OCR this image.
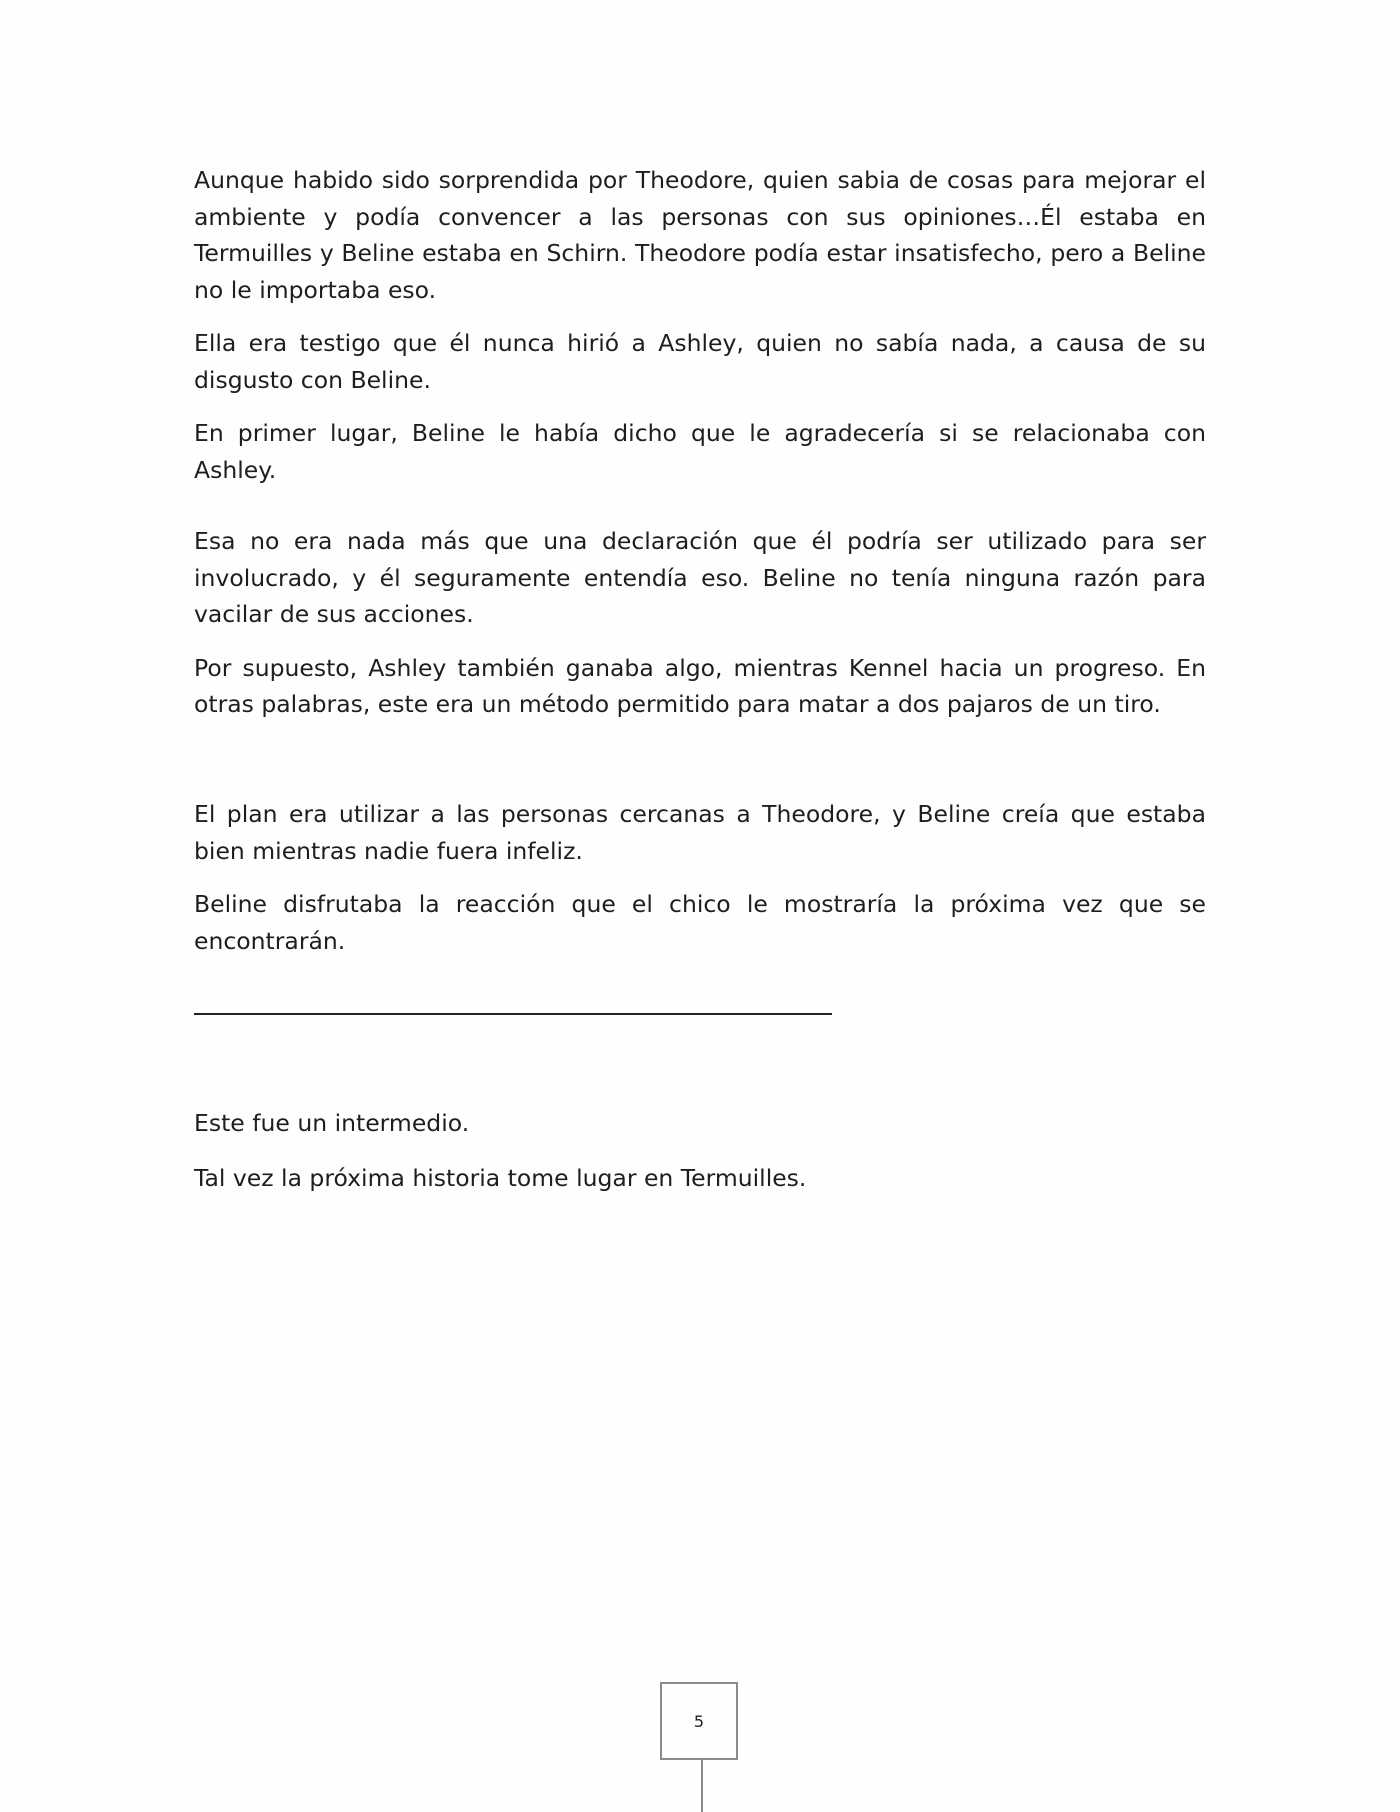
Aunque habido sido sorprendida por Theodore, quien sabia de cosas para mejorar el ambiente y podía convencer a las personas con sus opiniones…Él estaba en Termuilles y Beline estaba en Schirn. Theodore podía estar insatisfecho, pero a Beline no le importaba eso.

Ella era testigo que él nunca hirió a Ashley, quien no sabía nada, a causa de su disgusto con Beline.

En primer lugar, Beline le había dicho que le agradecería si se relacionaba con Ashley.

Esa no era nada más que una declaración que él podría ser utilizado para ser involucrado, y él seguramente entendía eso. Beline no tenía ninguna razón para vacilar de sus acciones.

Por supuesto, Ashley también ganaba algo, mientras Kennel hacia un progreso. En otras palabras, este era un método permitido para matar a dos pajaros de un tiro.

El plan era utilizar a las personas cercanas a Theodore, y Beline creía que estaba bien mientras nadie fuera infeliz.

Beline disfrutaba la reacción que el chico le mostraría la próxima vez que se encontrarán.

Este fue un intermedio.

Tal vez la próxima historia tome lugar en Termuilles.

5
